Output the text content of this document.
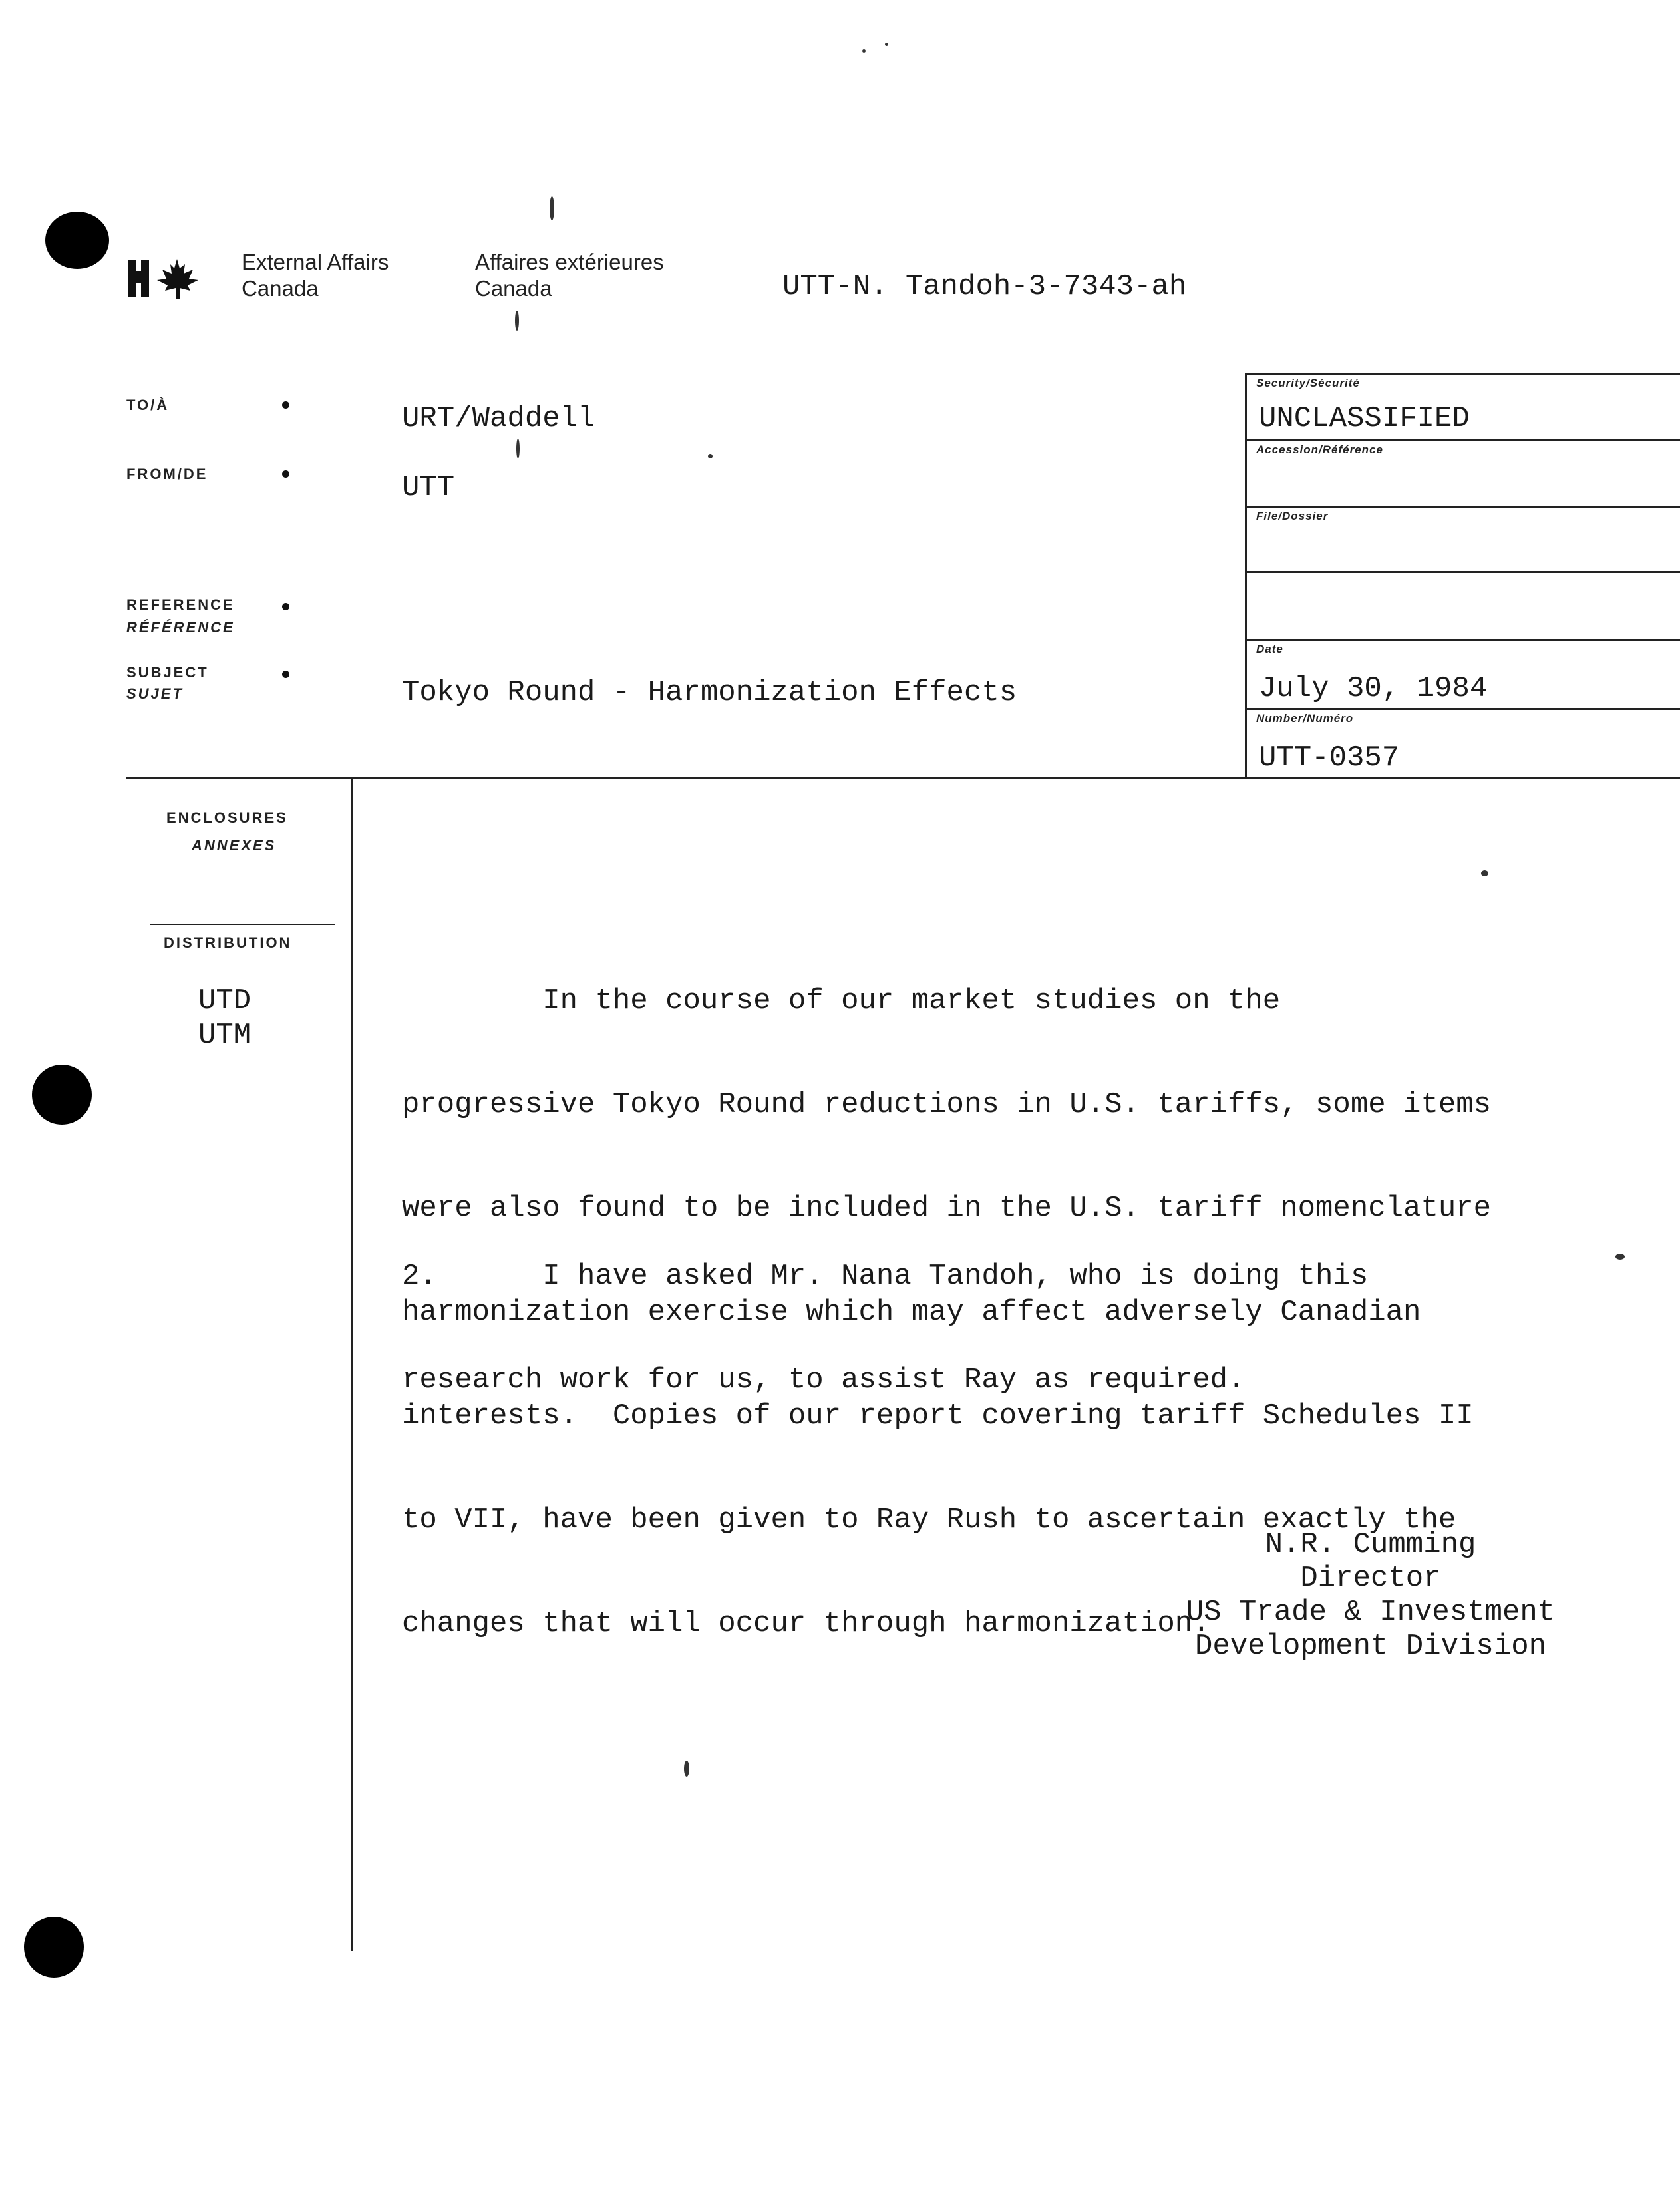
External Affairs
Canada
Affaires extérieures
Canada	UTT-N. Tandoh-3-7343-ah
TO/À
FROM/DE
REFERENCE
RÉFÉRENCE
SUBJECT
SUJET
URT/Waddell
UTT
Tokyo Round - Harmonization Effects
Security/Sécurité
UNCLASSIFIED
Accession/Référence
File/Dossier
Date
July 30, 1984
Number/Numéro
UTT-0357
ENCLOSURES
ANNEXES
DISTRIBUTION
UTD
UTM

In the course of our market studies on the

progressive Tokyo Round reductions in U.S. tariffs, some items

were also found to be included in the U.S. tariff nomenclature

harmonization exercise which may affect adversely Canadian

interests.  Copies of our report covering tariff Schedules II

to VII, have been given to Ray Rush to ascertain exactly the

changes that will occur through harmonization.

2.      I have asked Mr. Nana Tandoh, who is doing this

research work for us, to assist Ray as required.

N.R. Cumming
Director
US Trade & Investment
Development Division
